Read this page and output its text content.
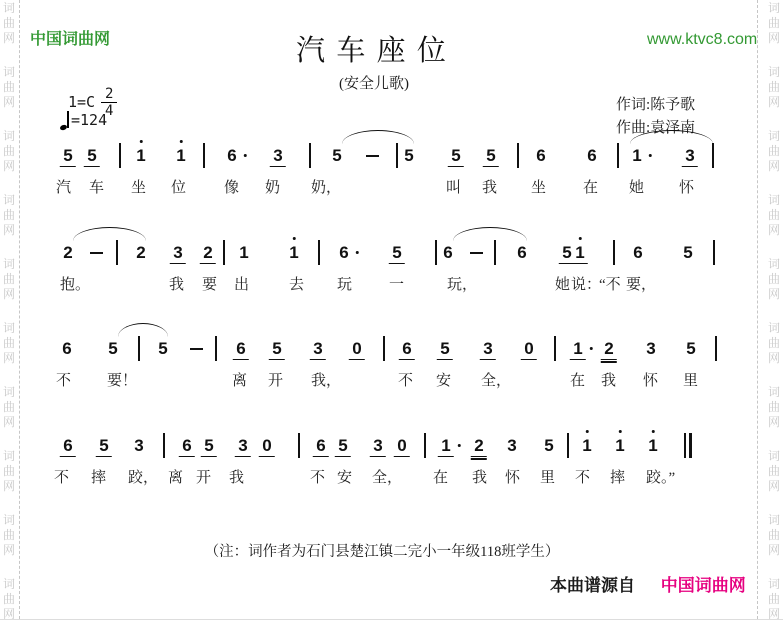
词
曲
网
词
曲
网
词
曲
网
词
曲
网
词
曲
网
词
曲
网
词
曲
网
词
曲
网
词
曲
网
词
曲
网
词
曲
网
词
曲
网
词
曲
网
词
曲
网
词
曲
网
词
曲
网
词
曲
网
词
曲
网
词
曲
网
词
曲
网
中国词曲网	www.ktvc8.com
汽 车 座 位
(安全儿歌)
$1=C \frac{2}{4}$
=124
作词:陈予歌
作曲:袁泽南
5 5 1 1 6 3	5	5 5 5 6 6 1	3
汽 车 坐 位	像 奶 奶，	叫 我 坐 在 她 怀
2	2 3 2 1 1 6	5 6	6 5 1	6 5
抱。	我 要 出	去 玩 一	玩，	她 说：
“不 要，
6 5 5	6 5 3 0 6 5 3 0 1 2 3 5
不 要！	离 开 我，	不 安 全，	在 我 怀 里
6 5 3 6 5 3 0	6 5 3 0 1 2 3 5 1 1 1
不 摔 跤， 离 开 我	不 安 全， 在 我 怀 里 不 摔 跤。”
（注：词作者为石门县楚江镇二完小一年级118班学生）
本曲谱源自 中国词曲网
